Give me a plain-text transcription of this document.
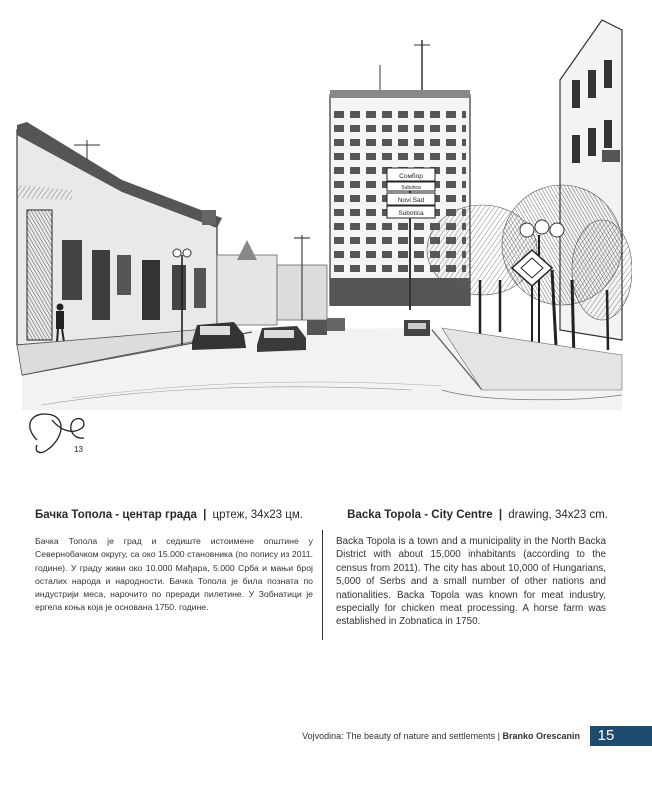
Сомбор
Subotica
Novi Sad
Subotica
13
Бачка Топола - центар града | цртеж, 34x23 цм.	Backa Topola - City Centre | drawing, 34x23 cm.
Бачка Топола је град и седиште истоимене општине у Севернобачком округу, са око 15.000 становника (по попису из 2011. године). У граду живи око 10.000 Мађара, 5.000 Срба и мањи број осталих народа и народности. Бачка Топола је била позната по индустрији меса, нарочито по преради пилетине. У Зобнатици је ергела коња која је основана 1750. године.
Backa Topola is a town and a municipality in the North Backa District with about 15,000 inhabitants (according to the census from 2011). The city has about 10,000 of Hungarians, 5,000 of Serbs and a small number of other nations and nationalities. Backa Topola was known for meat industry, especially for chicken meat processing. A horse farm was established in Zobnatica in 1750.
Vojvodina: The beauty of nature and settlements | Branko Orescanin	15
